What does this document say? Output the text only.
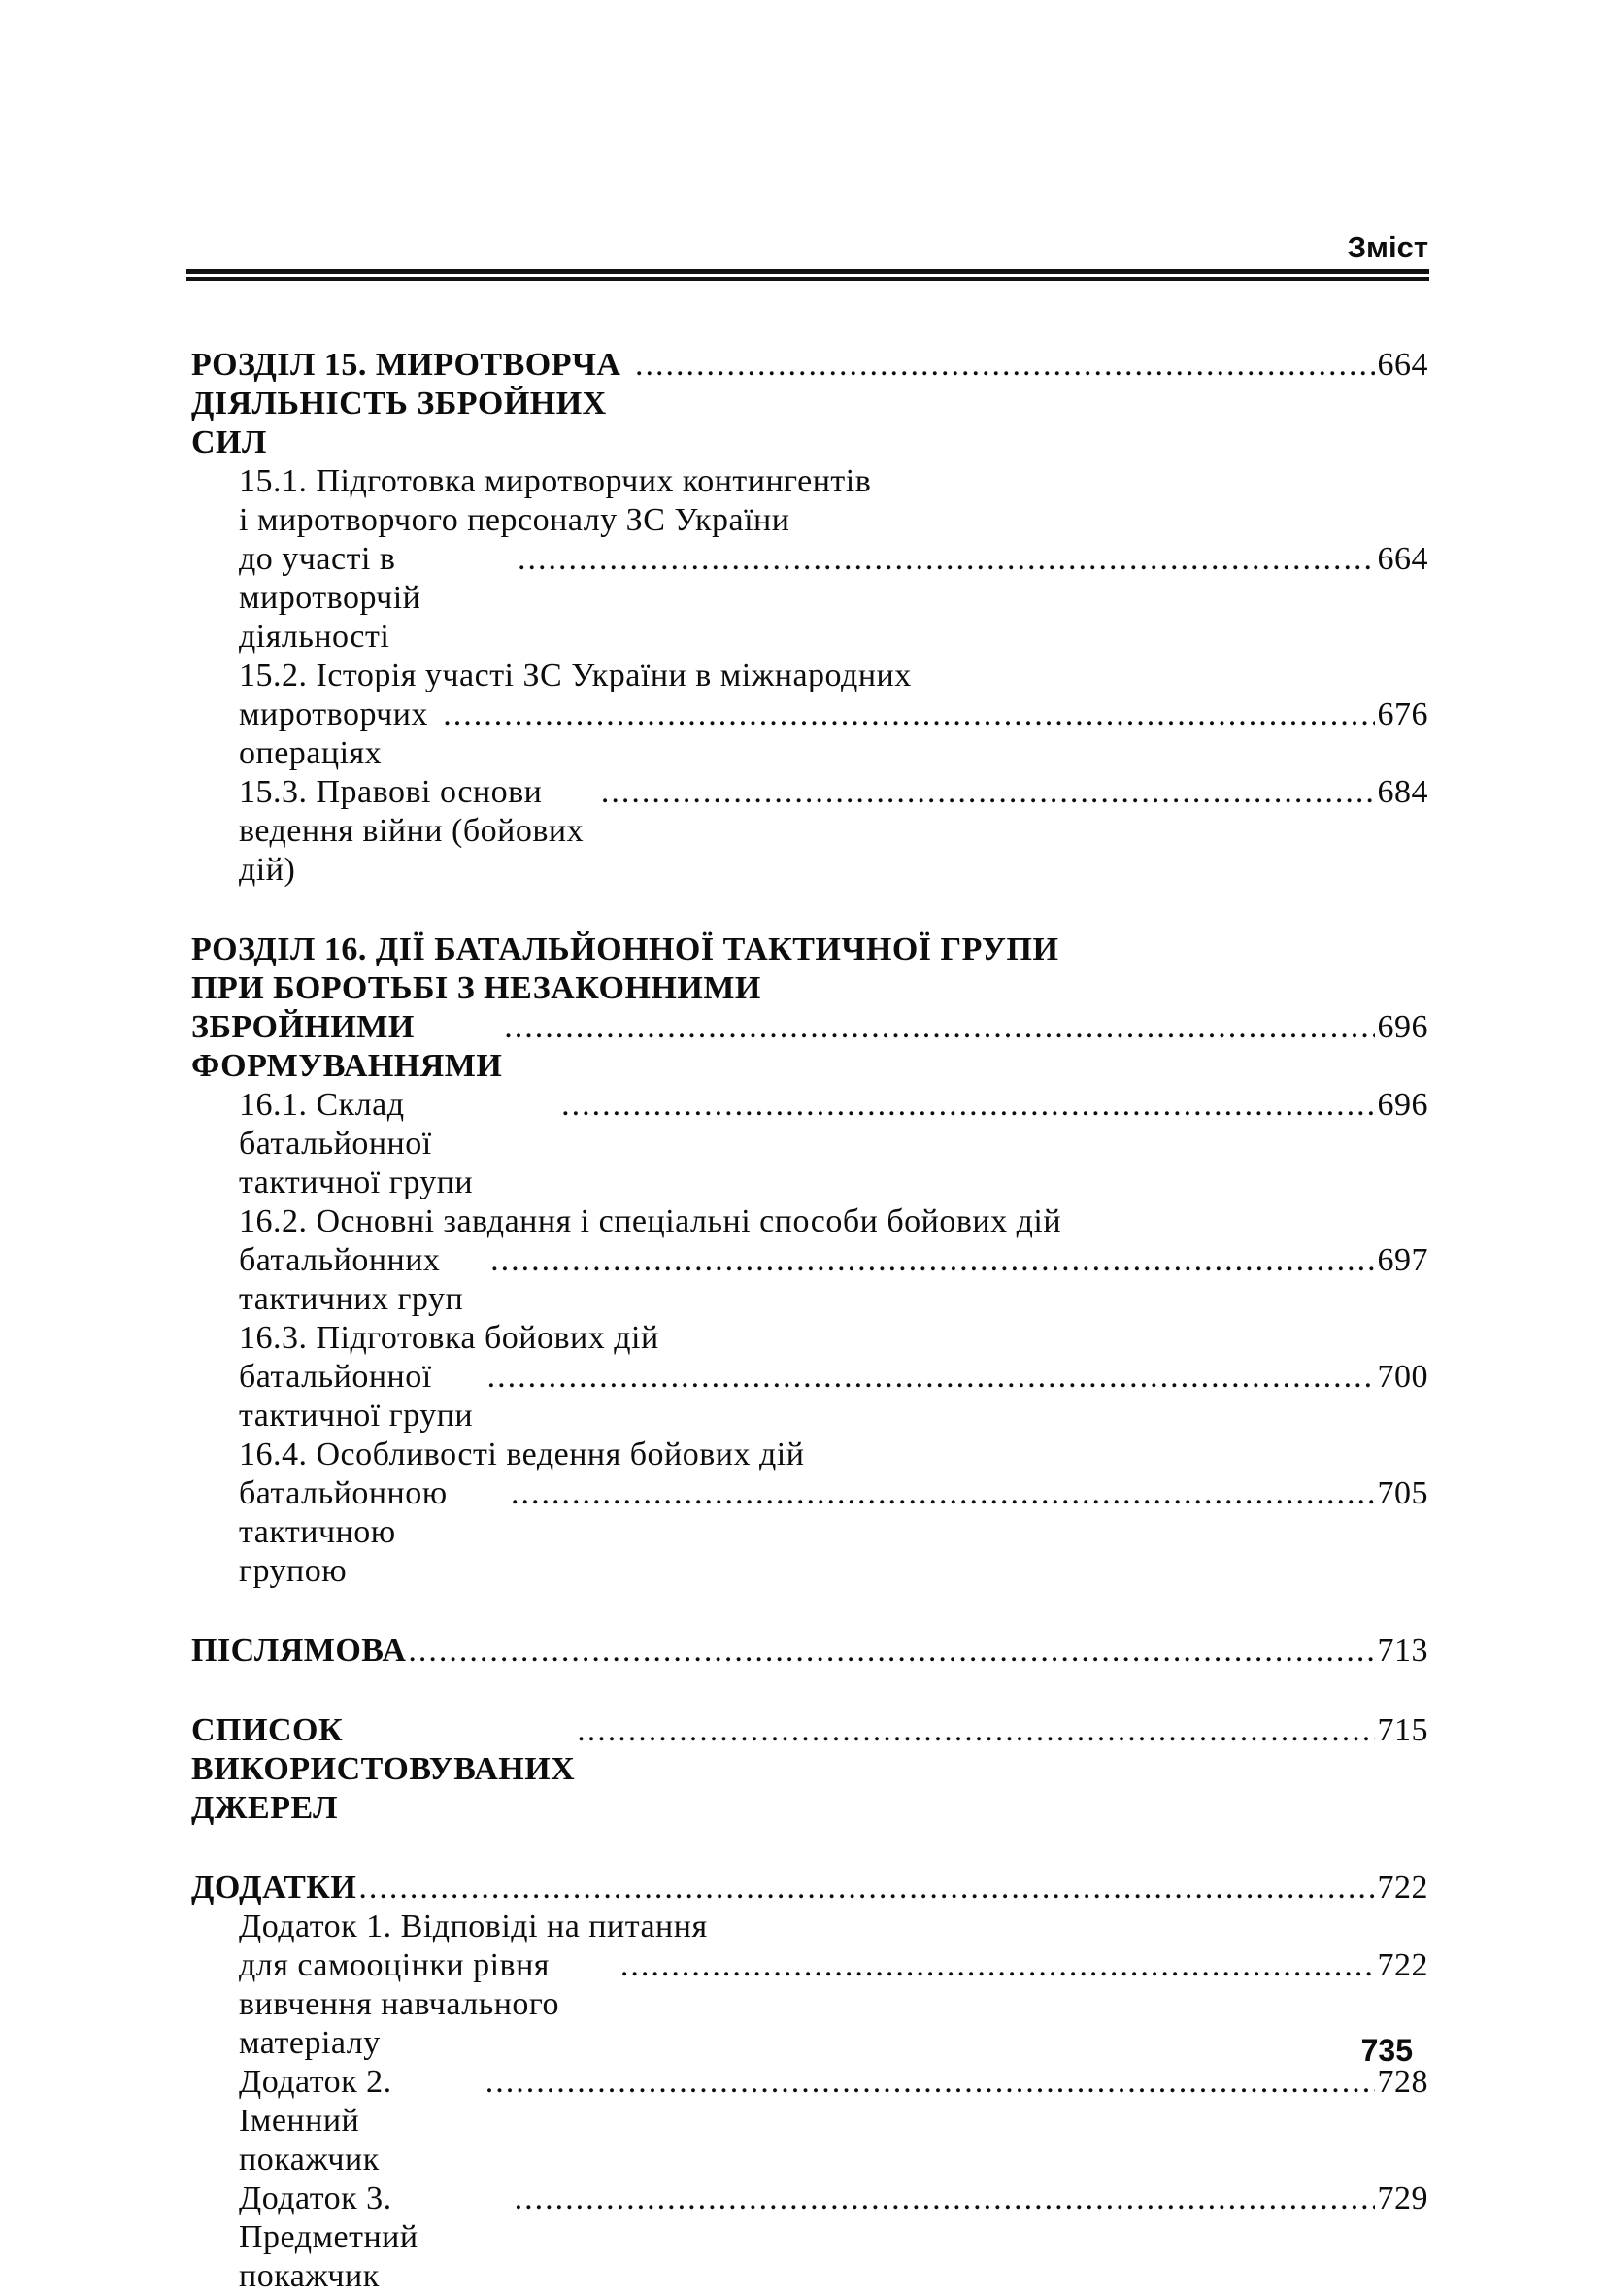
Зміст
РОЗДІЛ 15. МИРОТВОРЧА ДІЯЛЬНІСТЬ ЗБРОЙНИХ СИЛ
.....
664
15.1. Підготовка миротворчих контингентів
і миротворчого персоналу ЗС України
до участі в миротворчій діяльності
.....
664
15.2. Історія участі ЗС України в міжнародних
миротворчих операціях
.....
676
15.3. Правові основи ведення війни (бойових дій)
.....
684
РОЗДІЛ 16. ДІЇ БАТАЛЬЙОННОЇ ТАКТИЧНОЇ ГРУПИ
ПРИ БОРОТЬБІ З НЕЗАКОННИМИ
ЗБРОЙНИМИ ФОРМУВАННЯМИ
.....
696
16.1. Склад батальйонної тактичної групи
.....
696
16.2. Основні завдання і спеціальні способи бойових дій
батальйонних тактичних груп
.....
697
16.3. Підготовка бойових дій
батальйонної тактичної групи
.....
700
16.4. Особливості ведення бойових дій
батальйонною тактичною групою
.....
705
ПІСЛЯМОВА .....	713
СПИСОК ВИКОРИСТОВУВАНИХ ДЖЕРЕЛ
.....
715
ДОДАТКИ .....	722
Додаток 1. Відповіді на питання
для самооцінки рівня вивчення навчального матеріалу
.....
722
Додаток 2. Іменний покажчик
.....
728
Додаток 3. Предметний покажчик
.....
729
735
